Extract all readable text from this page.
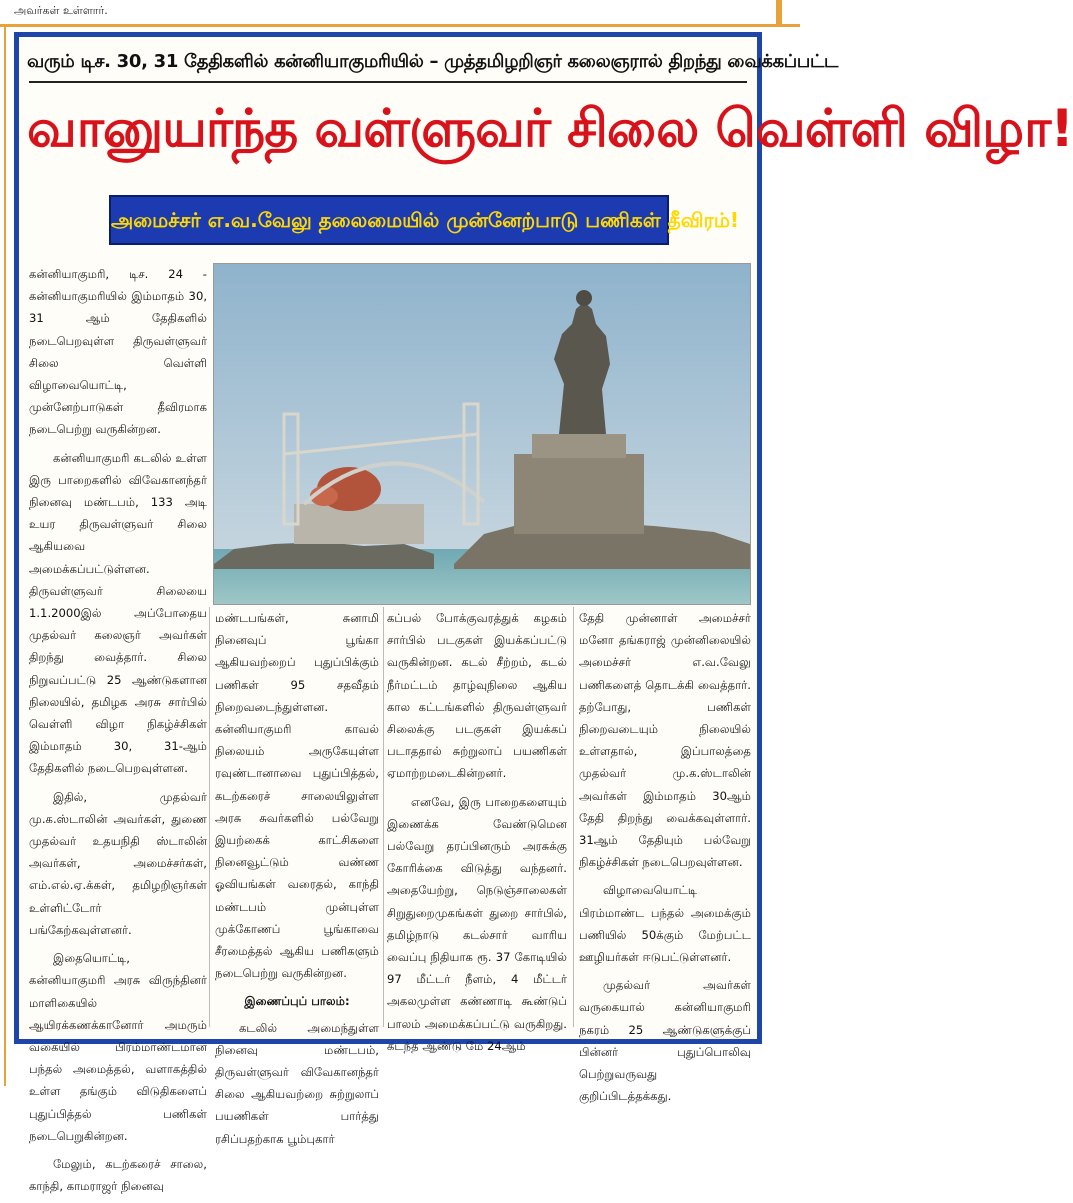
அவர்கள் உள்ளார்.
வரும் டிச. 30, 31 தேதிகளில் கன்னியாகுமரியில் – முத்தமிழறிஞர் கலைஞரால் திறந்து வைக்கப்பட்ட
வானுயர்ந்த வள்ளுவர் சிலை வெள்ளி விழா!
அமைச்சர் எ.வ.வேலு தலைமையில் முன்னேற்பாடு பணிகள் தீவிரம்!

கன்னியாகுமரி, டிச. 24 - கன்னியாகுமரியில் இம்மாதம் 30, 31 ஆம் தேதிகளில் நடைபெறவுள்ள திருவள்ளுவர் சிலை வெள்ளி விழாவையொட்டி, முன்னேற்பாடுகள் தீவிரமாக நடைபெற்று வருகின்றன.

கன்னியாகுமரி கடலில் உள்ள இரு பாறைகளில் விவேகானந்தர் நினைவு மண்டபம், 133 அடி உயர திருவள்ளுவர் சிலை ஆகியவை அமைக்கப்பட்டுள்ளன. திருவள்ளுவர் சிலையை 1.1.2000இல் அப்போதைய முதல்வர் கலைஞர் அவர்கள் திறந்து வைத்தார். சிலை நிறுவப்பட்டு 25 ஆண்டுகளான நிலையில், தமிழக அரசு சார்பில் வெள்ளி விழா நிகழ்ச்சிகள் இம்மாதம் 30, 31-ஆம் தேதிகளில் நடைபெறவுள்ளன.

இதில், முதல்வர் மு.க.ஸ்டாலின் அவர்கள், துணை முதல்வர் உதயநிதி ஸ்டாலின் அவர்கள், அமைச்சர்கள், எம்.எல்.ஏ.க்கள், தமிழறிஞர்கள் உள்ளிட்டோர் பங்கேற்கவுள்ளனர்.

இதையொட்டி, கன்னியாகுமரி அரசு விருந்தினர் மாளிகையில் ஆயிரக்கணக்கானோர் அமரும் வகையில் பிரம்மாண்டமான பந்தல் அமைத்தல், வளாகத்தில் உள்ள தங்கும் விடுதிகளைப் புதுப்பித்தல் பணிகள் நடைபெறுகின்றன.

மேலும், கடற்கரைச் சாலை, காந்தி, காமராஜர் நினைவு

மண்டபங்கள், சுனாமி நினைவுப் பூங்கா ஆகியவற்றைப் புதுப்பிக்கும் பணிகள் 95 சதவீதம் நிறைவடைந்துள்ளன. கன்னியாகுமரி காவல் நிலையம் அருகேயுள்ள ரவுண்டானாவை புதுப்பித்தல், கடற்கரைச் சாலையிலுள்ள அரசு சுவர்களில் பல்வேறு இயற்கைக் காட்சிகளை நினைவூட்டும் வண்ண ஓவியங்கள் வரைதல், காந்தி மண்டபம் முன்புள்ள முக்கோணப் பூங்காவை சீரமைத்தல் ஆகிய பணிகளும் நடைபெற்று வருகின்றன.

இணைப்புப் பாலம்:

கடலில் அமைந்துள்ள நினைவு மண்டபம், திருவள்ளுவர் விவேகானந்தர் சிலை ஆகியவற்றை சுற்றுலாப் பயணிகள் பார்த்து ரசிப்பதற்காக பூம்புகார்

கப்பல் போக்குவரத்துக் கழகம் சார்பில் படகுகள் இயக்கப்பட்டு வருகின்றன. கடல் சீற்றம், கடல் நீர்மட்டம் தாழ்வுநிலை ஆகிய கால கட்டங்களில் திருவள்ளுவர் சிலைக்கு படகுகள் இயக்கப் படாததால் சுற்றுலாப் பயணிகள் ஏமாற்றமடைகின்றனர்.

எனவே, இரு பாறைகளையும் இணைக்க வேண்டுமென பல்வேறு தரப்பினரும் அரசுக்கு கோரிக்கை விடுத்து வந்தனர். அதையேற்று, நெடுஞ்சாலைகள் சிறுதுறைமுகங்கள் துறை சார்பில், தமிழ்நாடு கடல்சார் வாரிய வைப்பு நிதியாக ரூ. 37 கோடியில் 97 மீட்டர் நீளம், 4 மீட்டர் அகலமுள்ள கண்ணாடி கூண்டுப் பாலம் அமைக்கப்பட்டு வருகிறது. கடந்த ஆண்டு மே 24ஆம்

தேதி முன்னாள் அமைச்சர் மனோ தங்கராஜ் முன்னிலையில் அமைச்சர் எ.வ.வேலு பணிகளைத் தொடக்கி வைத்தார். தற்போது, பணிகள் நிறைவடையும் நிலையில் உள்ளதால், இப்பாலத்தை முதல்வர் மு.க.ஸ்டாலின் அவர்கள் இம்மாதம் 30ஆம் தேதி திறந்து வைக்கவுள்ளார். 31ஆம் தேதியும் பல்வேறு நிகழ்ச்சிகள் நடைபெறவுள்ளன.

விழாவையொட்டி பிரம்மாண்ட பந்தல் அமைக்கும் பணியில் 50க்கும் மேற்பட்ட ஊழியர்கள் ஈடுபட்டுள்ளனர்.

முதல்வர் அவர்கள் வருகையால் கன்னியாகுமரி நகரம் 25 ஆண்டுகளுக்குப் பின்னர் புதுப்பொலிவு பெற்றுவருவது குறிப்பிடத்தக்கது.
